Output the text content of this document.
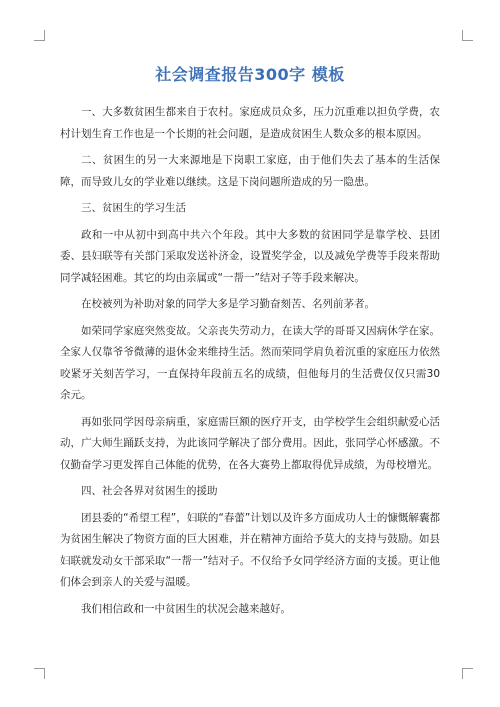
社会调查报告300字 模板

一、大多数贫困生都来自于农村。家庭成员众多，压力沉重难以担负学费，农村计划生育工作也是一个长期的社会问题，是造成贫困生人数众多的根本原因。

二、贫困生的另一大来源地是下岗职工家庭，由于他们失去了基本的生活保障，而导致儿女的学业难以继续。这是下岗问题所造成的另一隐患。

三、贫困生的学习生活

政和一中从初中到高中共六个年段。其中大多数的贫困同学是靠学校、县团委、县妇联等有关部门采取发送补济金，设置奖学金，以及减免学费等手段来帮助同学减轻困难。其它的均由亲属或“一帮一”结对子等手段来解决。

在校被列为补助对象的同学大多是学习勤奋刻苦、名列前茅者。

如荣同学家庭突然变故。父亲丧失劳动力，在读大学的哥哥又因病休学在家。全家人仅靠爷爷微薄的退休金来维持生活。然而荣同学肩负着沉重的家庭压力依然咬紧牙关刻苦学习，一直保持年段前五名的成绩，但他每月的生活费仅仅只需30余元。

再如张同学因母亲病重，家庭需巨额的医疗开支，由学校学生会组织献爱心活动，广大师生踊跃支持，为此该同学解决了部分费用。因此，张同学心怀感激。不仅勤奋学习更发挥自己体能的优势，在各大赛势上都取得优异成绩，为母校增光。

四、社会各界对贫困生的援助

团县委的“希望工程”，妇联的“春蕾”计划以及许多方面成功人士的慷慨解囊都为贫困生解决了物资方面的巨大困难，并在精神方面给予莫大的支持与鼓励。如县妇联就发动女干部采取“一帮一”结对子。不仅给予女同学经济方面的支援。更让他们体会到亲人的关爱与温暖。

我们相信政和一中贫困生的状况会越来越好。
